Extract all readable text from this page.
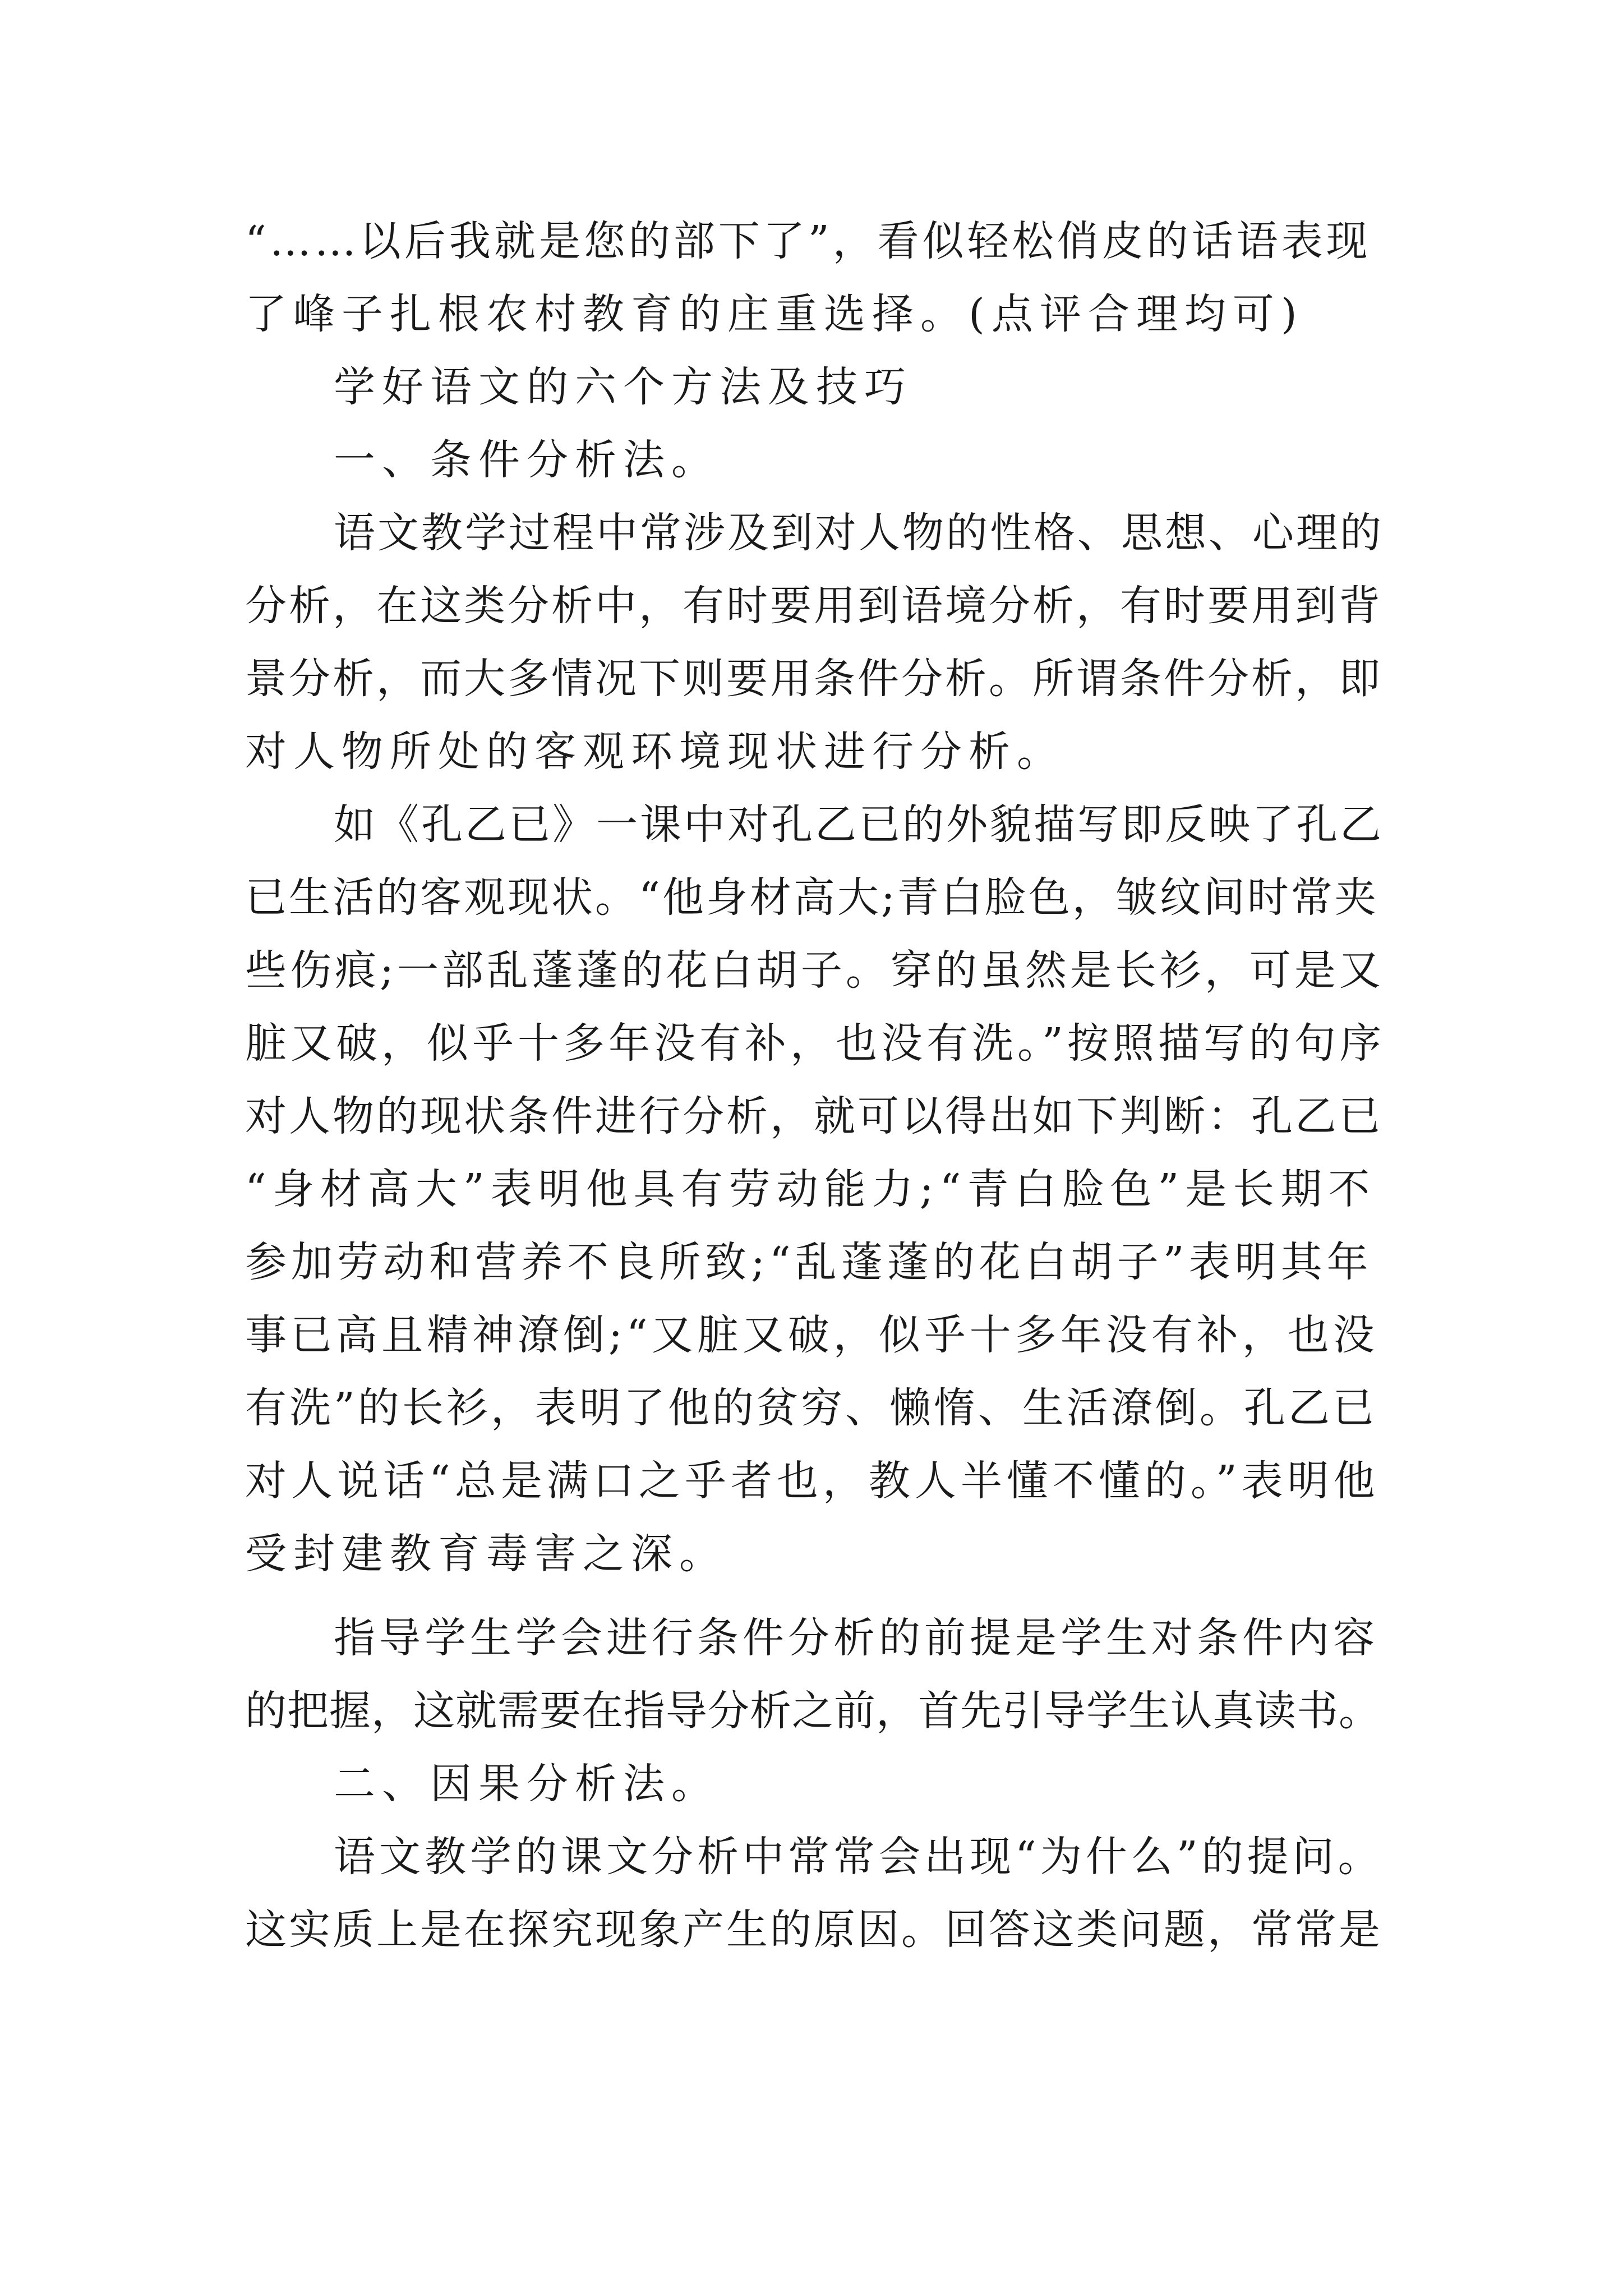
“……以后我就是您的部下了”，看似轻松俏皮的话语表现
了峰子扎根农村教育的庄重选择。(点评合理均可)
学好语文的六个方法及技巧
一、条件分析法。
语文教学过程中常涉及到对人物的性格、思想、心理的
分析，在这类分析中，有时要用到语境分析，有时要用到背
景分析，而大多情况下则要用条件分析。所谓条件分析，即
对人物所处的客观环境现状进行分析。
如《孔乙已》一课中对孔乙已的外貌描写即反映了孔乙
已生活的客观现状。“他身材高大;青白脸色，皱纹间时常夹
些伤痕;一部乱蓬蓬的花白胡子。穿的虽然是长衫，可是又
脏又破，似乎十多年没有补，也没有洗。”按照描写的句序
对人物的现状条件进行分析，就可以得出如下判断：孔乙已
“身材高大”表明他具有劳动能力;“青白脸色”是长期不
参加劳动和营养不良所致;“乱蓬蓬的花白胡子”表明其年
事已高且精神潦倒;“又脏又破，似乎十多年没有补，也没
有洗”的长衫，表明了他的贫穷、懒惰、生活潦倒。孔乙已
对人说话“总是满口之乎者也，教人半懂不懂的。”表明他
受封建教育毒害之深。
指导学生学会进行条件分析的前提是学生对条件内容
的把握，这就需要在指导分析之前，首先引导学生认真读书。
二、因果分析法。
语文教学的课文分析中常常会出现“为什么”的提问。
这实质上是在探究现象产生的原因。回答这类问题，常常是
